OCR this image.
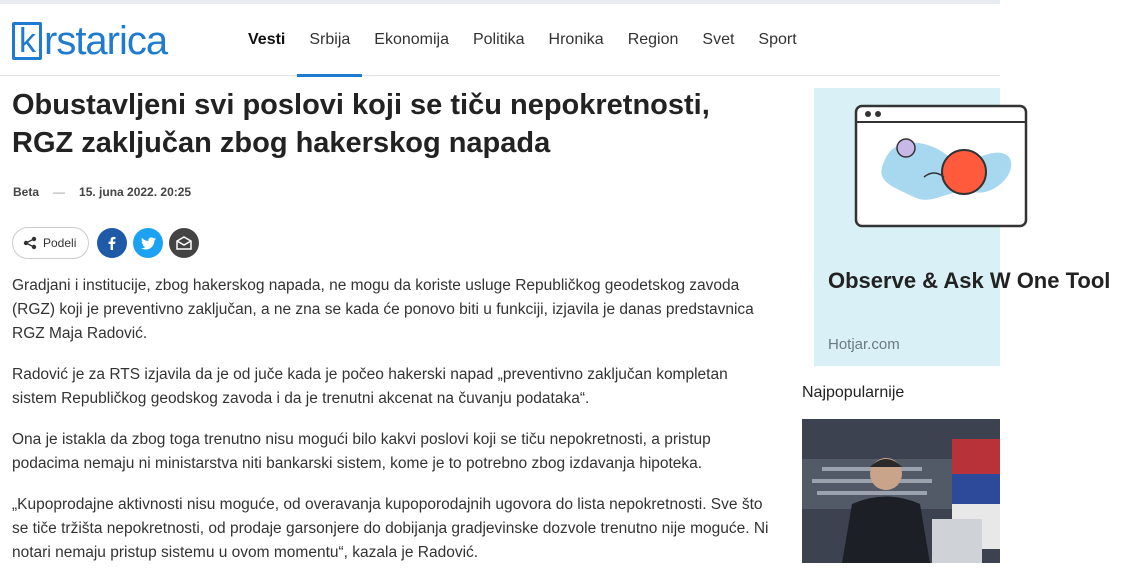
k rstarica	Vesti	Srbija	Ekonomija	Politika	Hronika	Region	Svet	Sport
Obustavljeni svi poslovi koji se tiču nepokretnosti, RGZ zaključan zbog hakerskog napada
Beta — 15. juna 2022. 20:25
Podeli

Gradjani i institucije, zbog hakerskog napada, ne mogu da koriste usluge Republičkog geodetskog zavoda (RGZ) koji je preventivno zaključan, a ne zna se kada će ponovo biti u funkciji, izjavila je danas predstavnica RGZ Maja Radović.

Radović je za RTS izjavila da je od juče kada je počeo hakerski napad „preventivno zaključan kompletan sistem Republičkog geodskog zavoda i da je trenutni akcenat na čuvanju podataka“.

Ona je istakla da zbog toga trenutno nisu mogući bilo kakvi poslovi koji se tiču nepokretnosti, a pristup podacima nemaju ni ministarstva niti bankarski sistem, kome je to potrebno zbog izdavanja hipoteka.

„Kupoprodajne aktivnosti nisu moguće, od overavanja kupoporodajnih ugovora do lista nepokretnosti. Sve što se tiče tržišta nepokretnosti, od prodaje garsonjere do dobijanja gradjevinske dozvole trenutno nije moguće. Ni notari nemaju pristup sistemu u ovom momentu“, kazala je Radović.

Observe & Ask W One Tool
Hotjar.com
Najpopularnije
